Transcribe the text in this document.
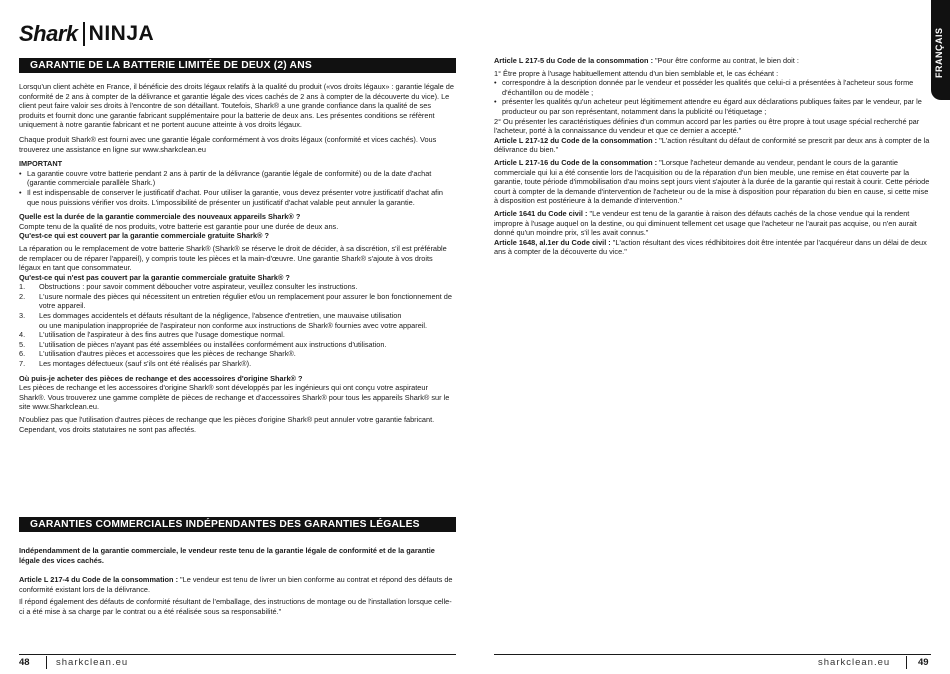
Shark NINJA	FRANÇAIS
GARANTIE DE LA BATTERIE LIMITÉE DE DEUX (2) ANS

Lorsqu'un client achète en France, il bénéficie des droits légaux relatifs à la qualité du produit («vos droits légaux» : garantie légale de conformité de 2 ans à compter de la délivrance et garantie légale des vices cachés de 2 ans à compter de la découverte du vice). Le client peut faire valoir ses droits à l'encontre de son détaillant. Toutefois, Shark® a une grande confiance dans la qualité de ses produits et fournit donc une garantie fabricant supplémentaire pour la batterie de deux ans. Les présentes conditions se réfèrent uniquement à notre garantie fabricant et ne portent aucune atteinte à vos droits légaux.

Chaque produit Shark® est fourni avec une garantie légale conformément à vos droits légaux (conformité et vices cachés). Vous trouverez une assistance en ligne sur www.sharkclean.eu

IMPORTANT

• La garantie couvre votre batterie pendant 2 ans à partir de la délivrance (garantie légale de conformité) ou de la date d'achat (garantie commerciale parallèle Shark.)
• Il est indispensable de conserver le justificatif d'achat. Pour utiliser la garantie, vous devez présenter votre justificatif d'achat afin que nous puissions vérifier vos droits. L'impossibilité de présenter un justificatif d'achat valable peut annuler la garantie.

Quelle est la durée de la garantie commerciale des nouveaux appareils Shark® ?

Compte tenu de la qualité de nos produits, votre batterie est garantie pour une durée de deux ans.

Qu'est-ce qui est couvert par la garantie commerciale gratuite Shark® ?

La réparation ou le remplacement de votre batterie Shark® (Shark® se réserve le droit de décider, à sa discrétion, s'il est préférable de remplacer ou de réparer l'appareil), y compris toute les pièces et la main-d'œuvre. Une garantie Shark® s'ajoute à vos droits légaux en tant que consommateur.

Qu'est-ce qui n'est pas couvert par la garantie commerciale gratuite Shark® ?

1. Obstructions : pour savoir comment déboucher votre aspirateur, veuillez consulter les instructions.
2. L'usure normale des pièces qui nécessitent un entretien régulier et/ou un remplacement pour assurer le bon fonctionnement de votre appareil.
3. Les dommages accidentels et défauts résultant de la négligence, l'absence d'entretien, une mauvaise utilisation
ou une manipulation inappropriée de l'aspirateur non conforme aux instructions de Shark® fournies avec votre appareil.
4. L'utilisation de l'aspirateur à des fins autres que l'usage domestique normal.
5. L'utilisation de pièces n'ayant pas été assemblées ou installées conformément aux instructions d'utilisation.
6. L'utilisation d'autres pièces et accessoires que les pièces de rechange Shark®.
7. Les montages défectueux (sauf s'ils ont été réalisés par Shark®).

Où puis-je acheter des pièces de rechange et des accessoires d'origine Shark® ?

Les pièces de rechange et les accessoires d'origine Shark® sont développés par les ingénieurs qui ont conçu votre aspirateur Shark®. Vous trouverez une gamme complète de pièces de rechange et d'accessoires Shark® pour tous les appareils Shark® sur le site www.Sharkclean.eu.

N'oubliez pas que l'utilisation d'autres pièces de rechange que les pièces d'origine Shark® peut annuler votre garantie fabricant. Cependant, vos droits statutaires ne sont pas affectés.

GARANTIES COMMERCIALES INDÉPENDANTES DES GARANTIES LÉGALES

Indépendamment de la garantie commerciale, le vendeur reste tenu de la garantie légale de conformité et de la garantie légale des vices cachés.

Article L 217-4 du Code de la consommation : "Le vendeur est tenu de livrer un bien conforme au contrat et répond des défauts de conformité existant lors de la délivrance.

Il répond également des défauts de conformité résultant de l'emballage, des instructions de montage ou de l'installation lorsque celle-ci a été mise à sa charge par le contrat ou a été réalisée sous sa responsabilité."

Article L 217-5 du Code de la consommation : "Pour être conforme au contrat, le bien doit :

1° Être propre à l'usage habituellement attendu d'un bien semblable et, le cas échéant :

• correspondre à la description donnée par le vendeur et posséder les qualités que celui-ci a présentées à l'acheteur sous forme d'échantillon ou de modèle ;
• présenter les qualités qu'un acheteur peut légitimement attendre eu égard aux déclarations publiques faites par le vendeur, par le producteur ou par son représentant, notamment dans la publicité ou l'étiquetage ;

2° Ou présenter les caractéristiques définies d'un commun accord par les parties ou être propre à tout usage spécial recherché par l'acheteur, porté à la connaissance du vendeur et que ce dernier a accepté."

Article L 217-12 du Code de la consommation : "L'action résultant du défaut de conformité se prescrit par deux ans à compter de la délivrance du bien."

Article L 217-16 du Code de la consommation : "Lorsque l'acheteur demande au vendeur, pendant le cours de la garantie commerciale qui lui a été consentie lors de l'acquisition ou de la réparation d'un bien meuble, une remise en état couverte par la garantie, toute période d'immobilisation d'au moins sept jours vient s'ajouter à la durée de la garantie qui restait à courir. Cette période court à compter de la demande d'intervention de l'acheteur ou de la mise à disposition pour réparation du bien en cause, si cette mise à disposition est postérieure à la demande d'intervention."

Article 1641 du Code civil : "Le vendeur est tenu de la garantie à raison des défauts cachés de la chose vendue qui la rendent impropre à l'usage auquel on la destine, ou qui diminuent tellement cet usage que l'acheteur ne l'aurait pas acquise, ou n'en aurait donné qu'un moindre prix, s'il les avait connus."

Article 1648, al.1er du Code civil : "L'action résultant des vices rédhibitoires doit être intentée par l'acquéreur dans un délai de deux ans à compter de la découverte du vice."

48	sharkclean.eu	sharkclean.eu	49
